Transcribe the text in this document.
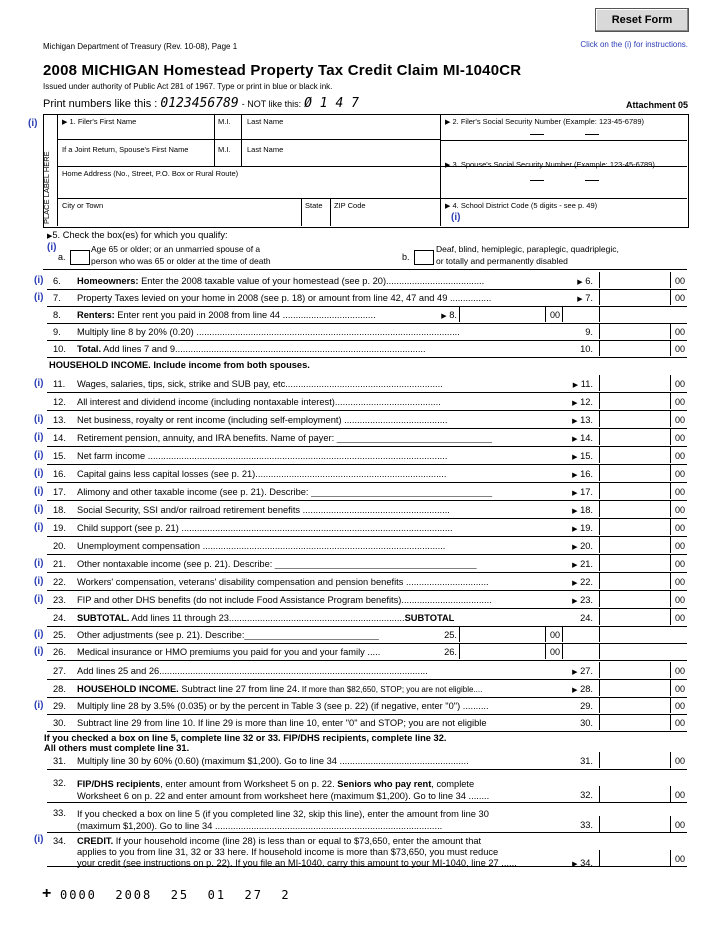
Reset Form
Michigan Department of Treasury (Rev. 10-08), Page 1	Click on the (i) for instructions.
2008 MICHIGAN Homestead Property Tax Credit Claim MI-1040CR
Issued under authority of Public Act 281 of 1967. Type or print in blue or black ink.
Print numbers like this : 0123456789 - NOT like this: Ø 1 4 7	Attachment 05
(i)
PLACE LABEL HERE
▶ 1. Filer's First Name	M.I. Last Name	▶ 2. Filer's Social Security Number (Example: 123-45-6789)
If a Joint Return, Spouse's First Name	M.I. Last Name
▶ 3. Spouse's Social Security Number (Example: 123-45-6789)
Home Address (No., Street, P.O. Box or Rural Route)
City or Town	State ZIP Code	▶ 4. School District Code (5 digits - see p. 49)
(i)
▶5. Check the box(es) for which you qualify:
(i)
a.
Age 65 or older; or an unmarried spouse of a
person who was 65 or older at the time of death	b.
Deaf, blind, hemiplegic, paraplegic, quadriplegic,
or totally and permanently disabled
(i) 6.	Homeowners: Enter the 2008 taxable value of your homestead (see p. 20)......................................	▶ 6.	00
(i) 7.	Property Taxes levied on your home in 2008 (see p. 18) or amount from line 42, 47 and 49 ................	▶ 7.	00
8.	Renters: Enter rent you paid in 2008 from line 44 ....................................	▶ 8.	00
9.	Multiply line 8 by 20% (0.20) ......................................................................................................	9.	00
10.	Total. Add lines 7 and 9.................................................................................................	10.	00
HOUSEHOLD INCOME. Include income from both spouses.
(i) 11.	Wages, salaries, tips, sick, strike and SUB pay, etc.............................................................	▶ 11.	00
12.	All interest and dividend income (including nontaxable interest).........................................	▶ 12.	00
(i) 13.	Net business, royalty or rent income (including self-employment) ........................................	▶ 13.	00
(i) 14.	Retirement pension, annuity, and IRA benefits. Name of payer: ______________________________	▶ 14.	00
(i) 15.	Net farm income ....................................................................................................................	▶ 15.	00
(i) 16.	Capital gains less capital losses (see p. 21)..........................................................................	▶ 16.	00
(i) 17.	Alimony and other taxable income (see p. 21). Describe: ___________________________________	▶ 17.	00
(i) 18.	Social Security, SSI and/or railroad retirement benefits .........................................................	▶ 18.	00
(i) 19.	Child support (see p. 21) .........................................................................................................	▶ 19.	00
20.	Unemployment compensation ..............................................................................................	▶ 20.	00
(i) 21.	Other nontaxable income (see p. 21). Describe: _______________________________________	▶ 21.	00
(i) 22.	Workers' compensation, veterans' disability compensation and pension benefits ................................	▶ 22.	00
(i) 23.	FIP and other DHS benefits (do not include Food Assistance Program benefits)...................................	▶ 23.	00
24.	SUBTOTAL. Add lines 11 through 23....................................................................SUBTOTAL	24.	00
(i) 25.	Other adjustments (see p. 21). Describe:__________________________	25.	00
(i) 26.	Medical insurance or HMO premiums you paid for you and your family .....	26.	00
27.	Add lines 25 and 26........................................................................................................	▶ 27.	00
28.	HOUSEHOLD INCOME. Subtract line 27 from line 24. If more than $82,650, STOP; you are not eligible....	▶ 28.	00
(i) 29.	Multiply line 28 by 3.5% (0.035) or by the percent in Table 3 (see p. 22) (if negative, enter "0") ..........	29.	00
30.	Subtract line 29 from line 10. If line 29 is more than line 10, enter "0" and STOP; you are not eligible	30.	00
If you checked a box on line 5, complete line 32 or 33. FIP/DHS recipients, complete line 32.
All others must complete line 31.
31.	Multiply line 30 by 60% (0.60) (maximum $1,200). Go to line 34 ..................................................	31.	00
32.	FIP/DHS recipients, enter amount from Worksheet 5 on p. 22. Seniors who pay rent, complete
Worksheet 6 on p. 22 and enter amount from worksheet here (maximum $1,200). Go to line 34 ........	32.	00
33.	If you checked a box on line 5 (if you completed line 32, skip this line), enter the amount from line 30
(maximum $1,200). Go to line 34 ........................................................................................	33.	00
(i) 34.	CREDIT. If your household income (line 28) is less than or equal to $73,650, enter the amount that
applies to you from line 31, 32 or 33 here. If household income is more than $73,650, you must reduce
your credit (see instructions on p. 22). If you file an MI-1040, carry this amount to your MI-1040, line 27 ......	▶ 34.	00
+ 0000  2008  25  01  27  2
